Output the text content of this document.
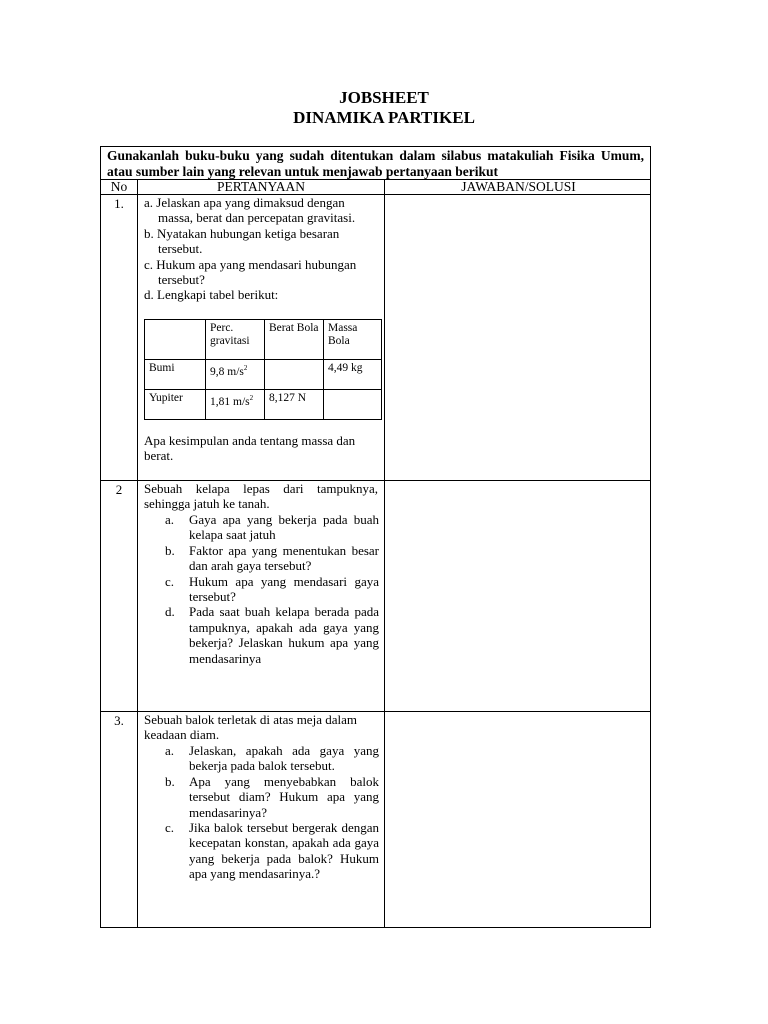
JOBSHEET
DINAMIKA PARTIKEL
Gunakanlah buku-buku yang sudah ditentukan dalam silabus matakuliah Fisika Umum, atau sumber lain yang relevan untuk menjawab pertanyaan berikut
No	PERTANYAAN	JAWABAN/SOLUSI
1.	a. Jelaskan apa yang dimaksud dengan massa, berat dan percepatan gravitasi.
b. Nyatakan hubungan ketiga besaran tersebut.
c. Hukum apa yang mendasari hubungan tersebut?
d. Lengkapi tabel berikut:
	Perc. gravitasi	Berat Bola	Massa Bola
Bumi	9,8 $m/s^2$		4,49 kg
Yupiter	1,81 $m/s^2$	8,127 N	
Apa kesimpulan anda tentang massa dan berat.
2	Sebuah kelapa lepas dari tampuknya, sehingga jatuh ke tanah.
a. Gaya apa yang bekerja pada buah kelapa saat jatuh
b. Faktor apa yang menentukan besar dan arah gaya tersebut?
c. Hukum apa yang mendasari gaya tersebut?
d. Pada saat buah kelapa berada pada tampuknya, apakah ada gaya yang bekerja? Jelaskan hukum apa yang mendasarinya
3.	Sebuah balok terletak di atas meja dalam keadaan diam.
a. Jelaskan, apakah ada gaya yang bekerja pada balok tersebut.
b. Apa yang menyebabkan balok tersebut diam? Hukum apa yang mendasarinya?
c. Jika balok tersebut bergerak dengan kecepatan konstan, apakah ada gaya yang bekerja pada balok? Hukum apa yang mendasarinya.?
